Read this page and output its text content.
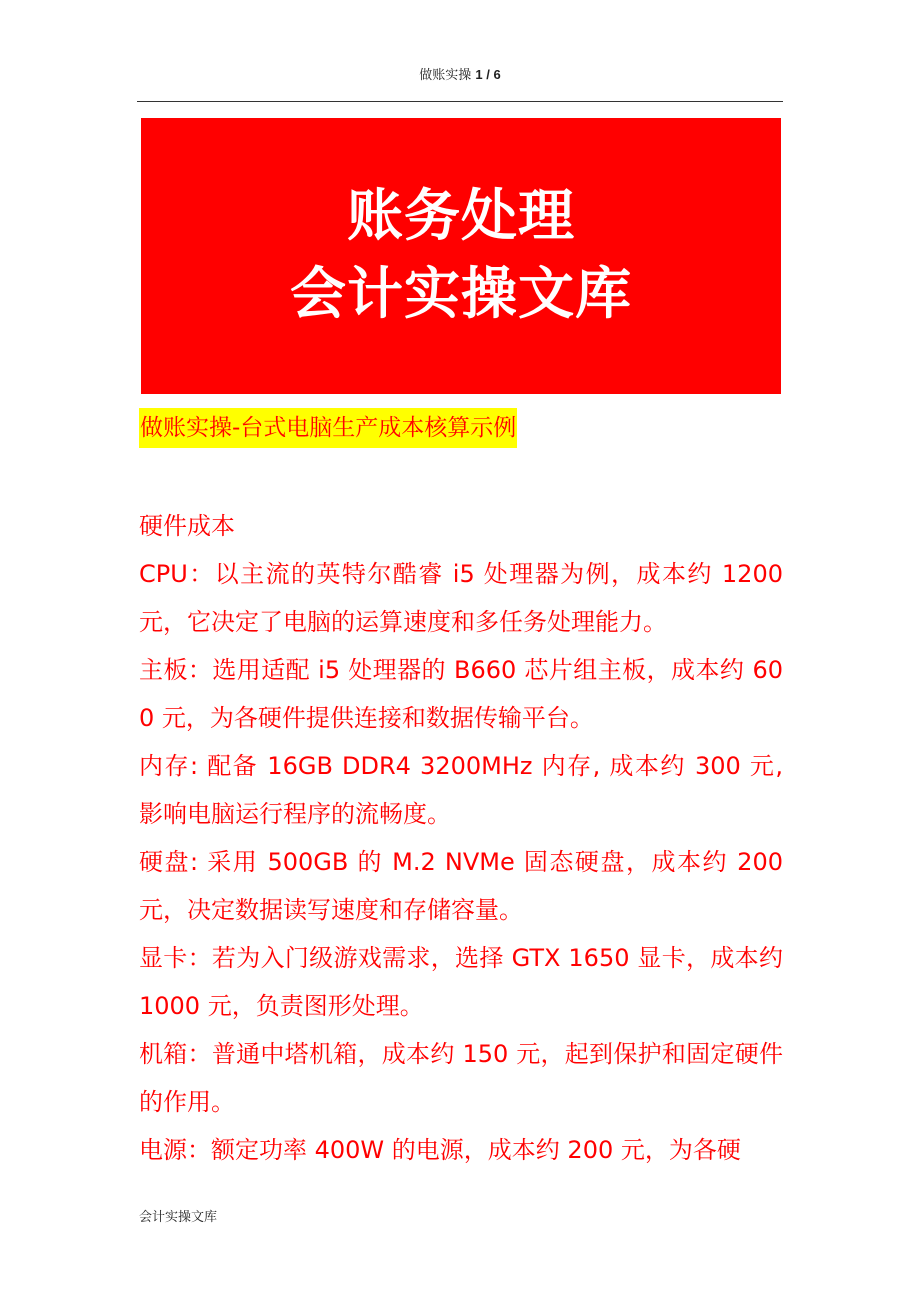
做账实操 1 / 6
账务处理
会计实操文库
做账实操-台式电脑生产成本核算示例
硬件成本
CPU：以主流的英特尔酷睿 i5 处理器为例，成本约 1200 元，它决定了电脑的运算速度和多任务处理能力。
主板：选用适配 i5 处理器的 B660 芯片组主板，成本约 600 元，为各硬件提供连接和数据传输平台。
内存: 配备 16GB DDR4 3200MHz 内存, 成本约 300 元, 影响电脑运行程序的流畅度。
硬盘: 采用 500GB 的 M.2 NVMe 固态硬盘，成本约 200 元，决定数据读写速度和存储容量。
显卡：若为入门级游戏需求，选择 GTX 1650 显卡，成本约 1000 元，负责图形处理。
机箱：普通中塔机箱，成本约 150 元，起到保护和固定硬件的作用。
电源：额定功率 400W 的电源，成本约 200 元，为各硬
会计实操文库
